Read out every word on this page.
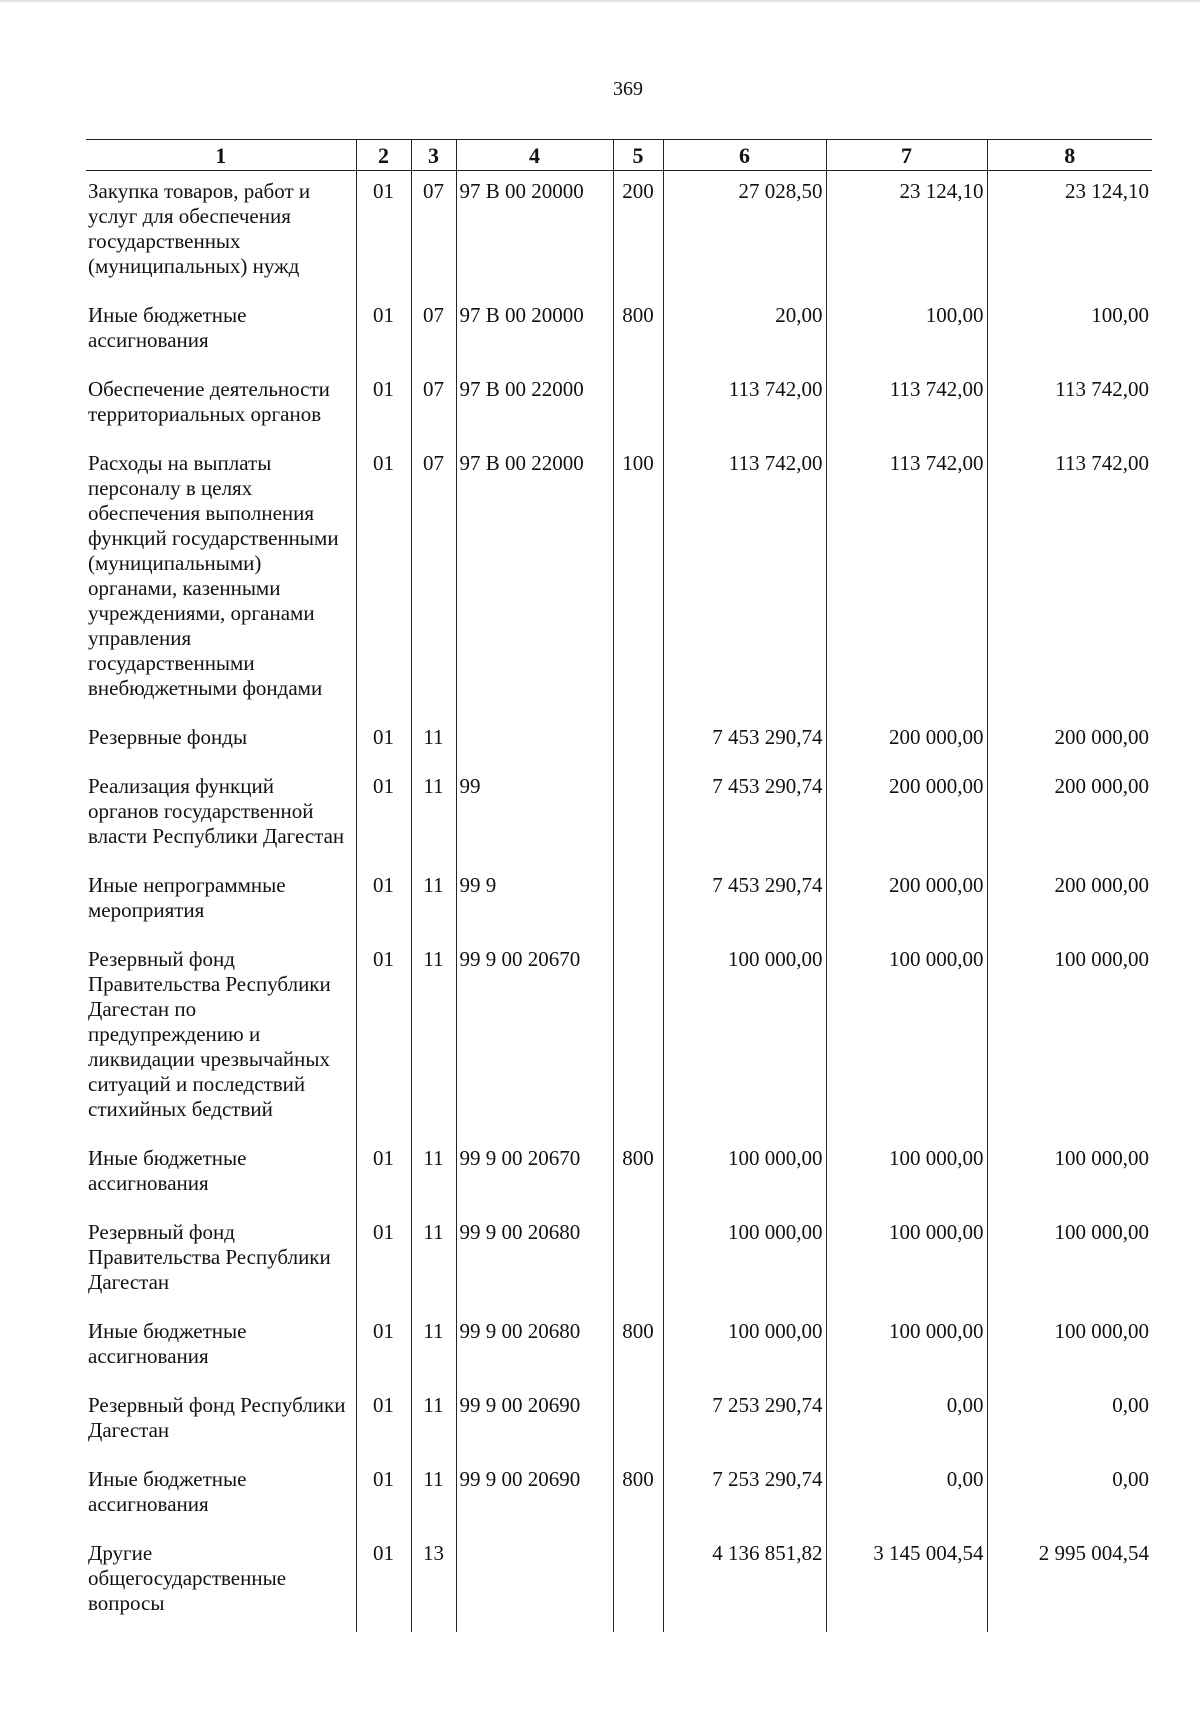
369
1	2	3	4	5	6	7	8
Закупка товаров, работ и услуг для обеспечения государственных (муниципальных) нужд	01	07	97 В 00 20000	200	27 028,50	23 124,10	23 124,10
Иные бюджетные ассигнования	01	07	97 В 00 20000	800	20,00	100,00	100,00
Обеспечение деятельности территориальных органов	01	07	97 В 00 22000		113 742,00	113 742,00	113 742,00
Расходы на выплаты персоналу в целях обеспечения выполнения функций государственными (муниципальными) органами, казенными учреждениями, органами управления государственными внебюджетными фондами	01	07	97 В 00 22000	100	113 742,00	113 742,00	113 742,00
Резервные фонды	01	11			7 453 290,74	200 000,00	200 000,00
Реализация функций органов государственной власти Республики Дагестан	01	11	99		7 453 290,74	200 000,00	200 000,00
Иные непрограммные мероприятия	01	11	99 9		7 453 290,74	200 000,00	200 000,00
Резервный фонд Правительства Республики Дагестан по предупреждению и ликвидации чрезвычайных ситуаций и последствий стихийных бедствий	01	11	99 9 00 20670		100 000,00	100 000,00	100 000,00
Иные бюджетные ассигнования	01	11	99 9 00 20670	800	100 000,00	100 000,00	100 000,00
Резервный фонд Правительства Республики Дагестан	01	11	99 9 00 20680		100 000,00	100 000,00	100 000,00
Иные бюджетные ассигнования	01	11	99 9 00 20680	800	100 000,00	100 000,00	100 000,00
Резервный фонд Республики Дагестан	01	11	99 9 00 20690		7 253 290,74	0,00	0,00
Иные бюджетные ассигнования	01	11	99 9 00 20690	800	7 253 290,74	0,00	0,00
Другие общегосударственные вопросы	01	13			4 136 851,82	3 145 004,54	2 995 004,54
